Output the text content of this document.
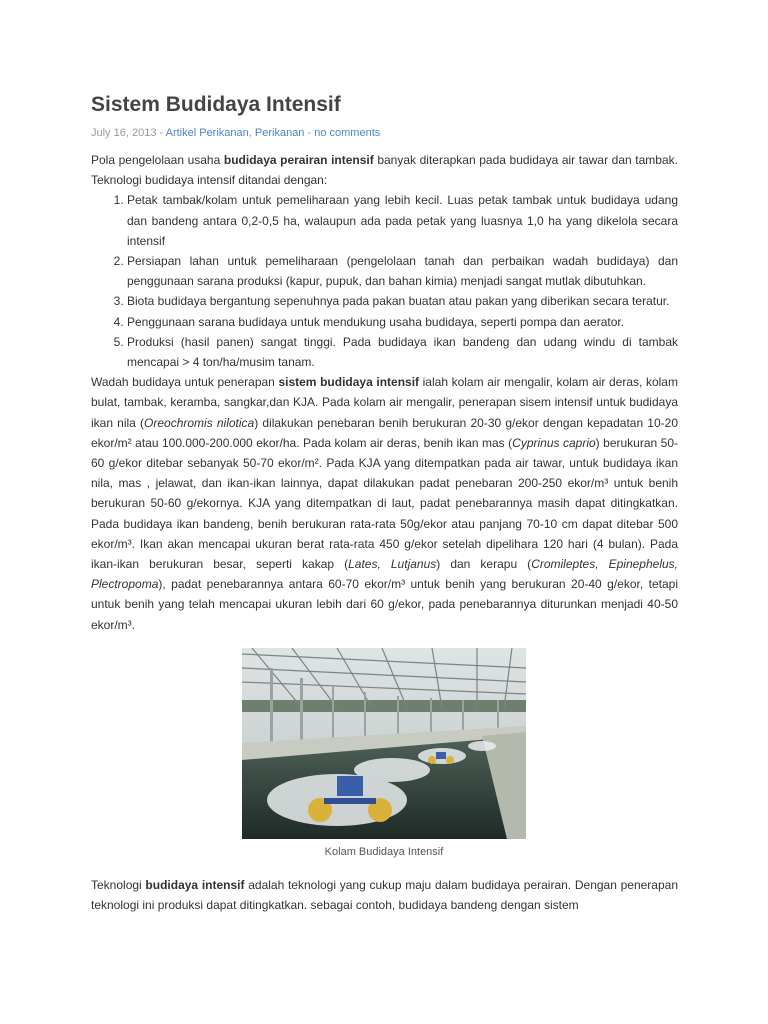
Sistem Budidaya Intensif
July 16, 2013 - Artikel Perikanan, Perikanan - no comments

Pola pengelolaan usaha budidaya perairan intensif banyak diterapkan pada budidaya air tawar dan tambak. Teknologi budidaya intensif ditandai dengan:

1. Petak tambak/kolam untuk pemeliharaan yang lebih kecil. Luas petak tambak untuk budidaya udang dan bandeng antara 0,2-0,5 ha, walaupun ada pada petak yang luasnya 1,0 ha yang dikelola secara intensif
2. Persiapan lahan untuk pemeliharaan (pengelolaan tanah dan perbaikan wadah budidaya) dan penggunaan sarana produksi (kapur, pupuk, dan bahan kimia) menjadi sangat mutlak dibutuhkan.
3. Biota budidaya bergantung sepenuhnya pada pakan buatan atau pakan yang diberikan secara teratur.
4. Penggunaan sarana budidaya untuk mendukung usaha budidaya, seperti pompa dan aerator.
5. Produksi (hasil panen) sangat tinggi. Pada budidaya ikan bandeng dan udang windu di tambak mencapai > 4 ton/ha/musim tanam.

Wadah budidaya untuk penerapan sistem budidaya intensif ialah kolam air mengalir, kolam air deras, kolam bulat, tambak, keramba, sangkar,dan KJA. Pada kolam air mengalir, penerapan sisem intensif untuk budidaya ikan nila (Oreochromis nilotica) dilakukan penebaran benih berukuran 20-30 g/ekor dengan kepadatan 10-20 ekor/m² atau 100.000-200.000 ekor/ha. Pada kolam air deras, benih ikan mas (Cyprinus caprio) berukuran 50-60 g/ekor ditebar sebanyak 50-70 ekor/m². Pada KJA yang ditempatkan pada air tawar, untuk budidaya ikan nila, mas , jelawat, dan ikan-ikan lainnya, dapat dilakukan padat penebaran 200-250 ekor/m³ untuk benih berukuran 50-60 g/ekornya. KJA yang ditempatkan di laut, padat penebarannya masih dapat ditingkatkan. Pada budidaya ikan bandeng, benih berukuran rata-rata 50g/ekor atau panjang 70-10 cm dapat ditebar 500 ekor/m³. Ikan akan mencapai ukuran berat rata-rata 450 g/ekor setelah dipelihara 120 hari (4 bulan). Pada ikan-ikan berukuran besar, seperti kakap (Lates, Lutjanus) dan kerapu (Cromileptes, Epinephelus, Plectropoma), padat penebarannya antara 60-70 ekor/m³ untuk benih yang berukuran 20-40 g/ekor, tetapi untuk benih yang telah mencapai ukuran lebih dari 60 g/ekor, pada penebarannya diturunkan menjadi 40-50 ekor/m³.

Kolam Budidaya Intensif

Teknologi budidaya intensif adalah teknologi yang cukup maju dalam budidaya perairan. Dengan penerapan teknologi ini produksi dapat ditingkatkan. sebagai contoh, budidaya bandeng dengan sistem
